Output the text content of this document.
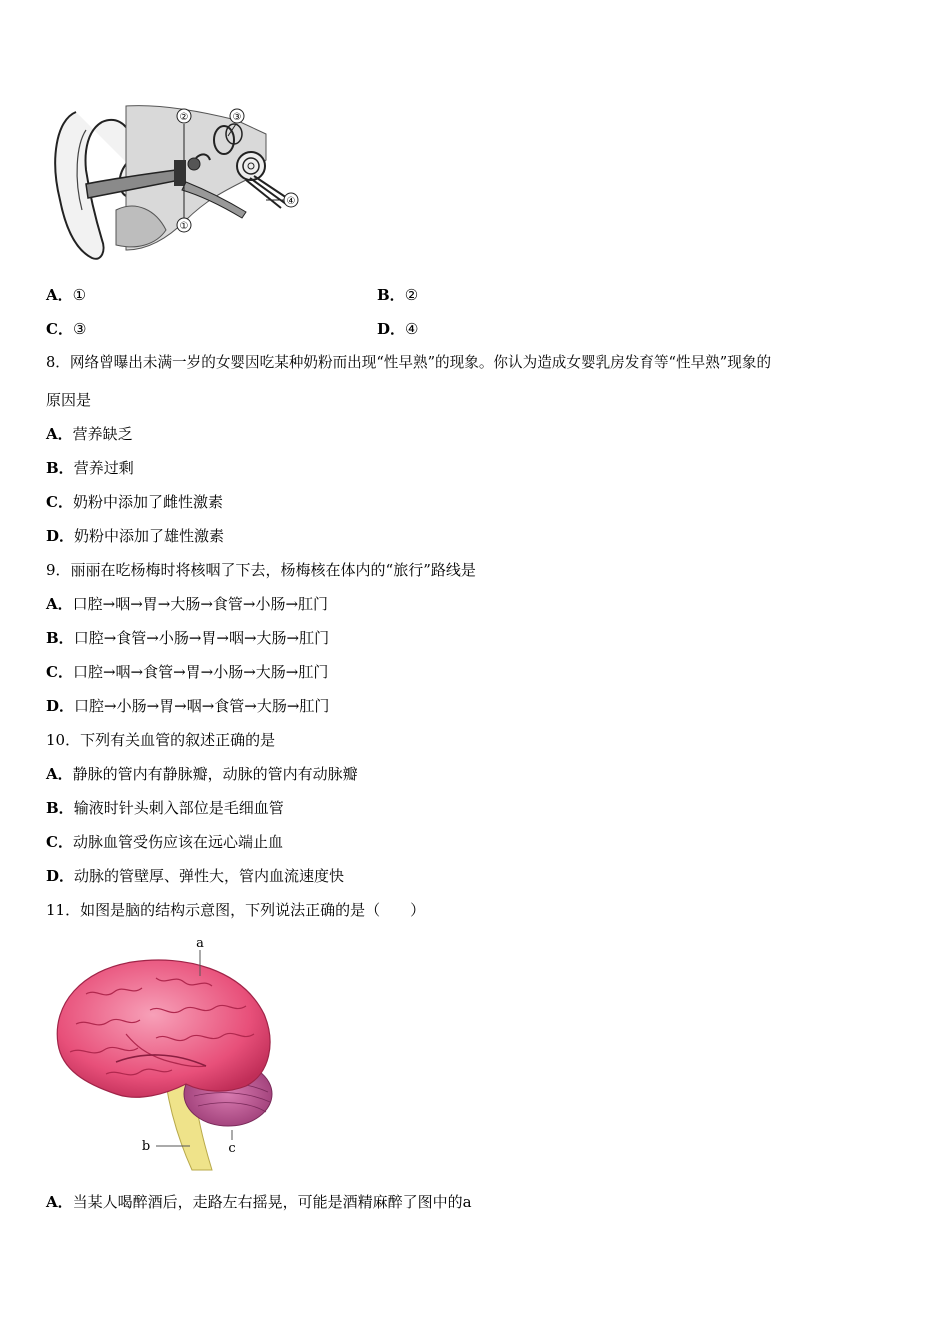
②	③
④
①
A．①	B．②
C．③	D．④
8．网络曾曝出未满一岁的女婴因吃某种奶粉而出现“性早熟”的现象。你认为造成女婴乳房发育等“性早熟”现象的
原因是
A．营养缺乏
B．营养过剩
C．奶粉中添加了雌性激素
D．奶粉中添加了雄性激素
9．丽丽在吃杨梅时将核咽了下去，杨梅核在体内的“旅行”路线是
A．口腔→咽→胃→大肠→食管→小肠→肛门
B．口腔→食管→小肠→胃→咽→大肠→肛门
C．口腔→咽→食管→胃→小肠→大肠→肛门
D．口腔→小肠→胃→咽→食管→大肠→肛门
10．下列有关血管的叙述正确的是
A．静脉的管内有静脉瓣，动脉的管内有动脉瓣
B．输液时针头刺入部位是毛细血管
C．动脉血管受伤应该在远心端止血
D．动脉的管壁厚、弹性大，管内血流速度快
11．如图是脑的结构示意图，下列说法正确的是（　　）
a
b	c
A．当某人喝醉酒后，走路左右摇晃，可能是酒精麻醉了图中的a
